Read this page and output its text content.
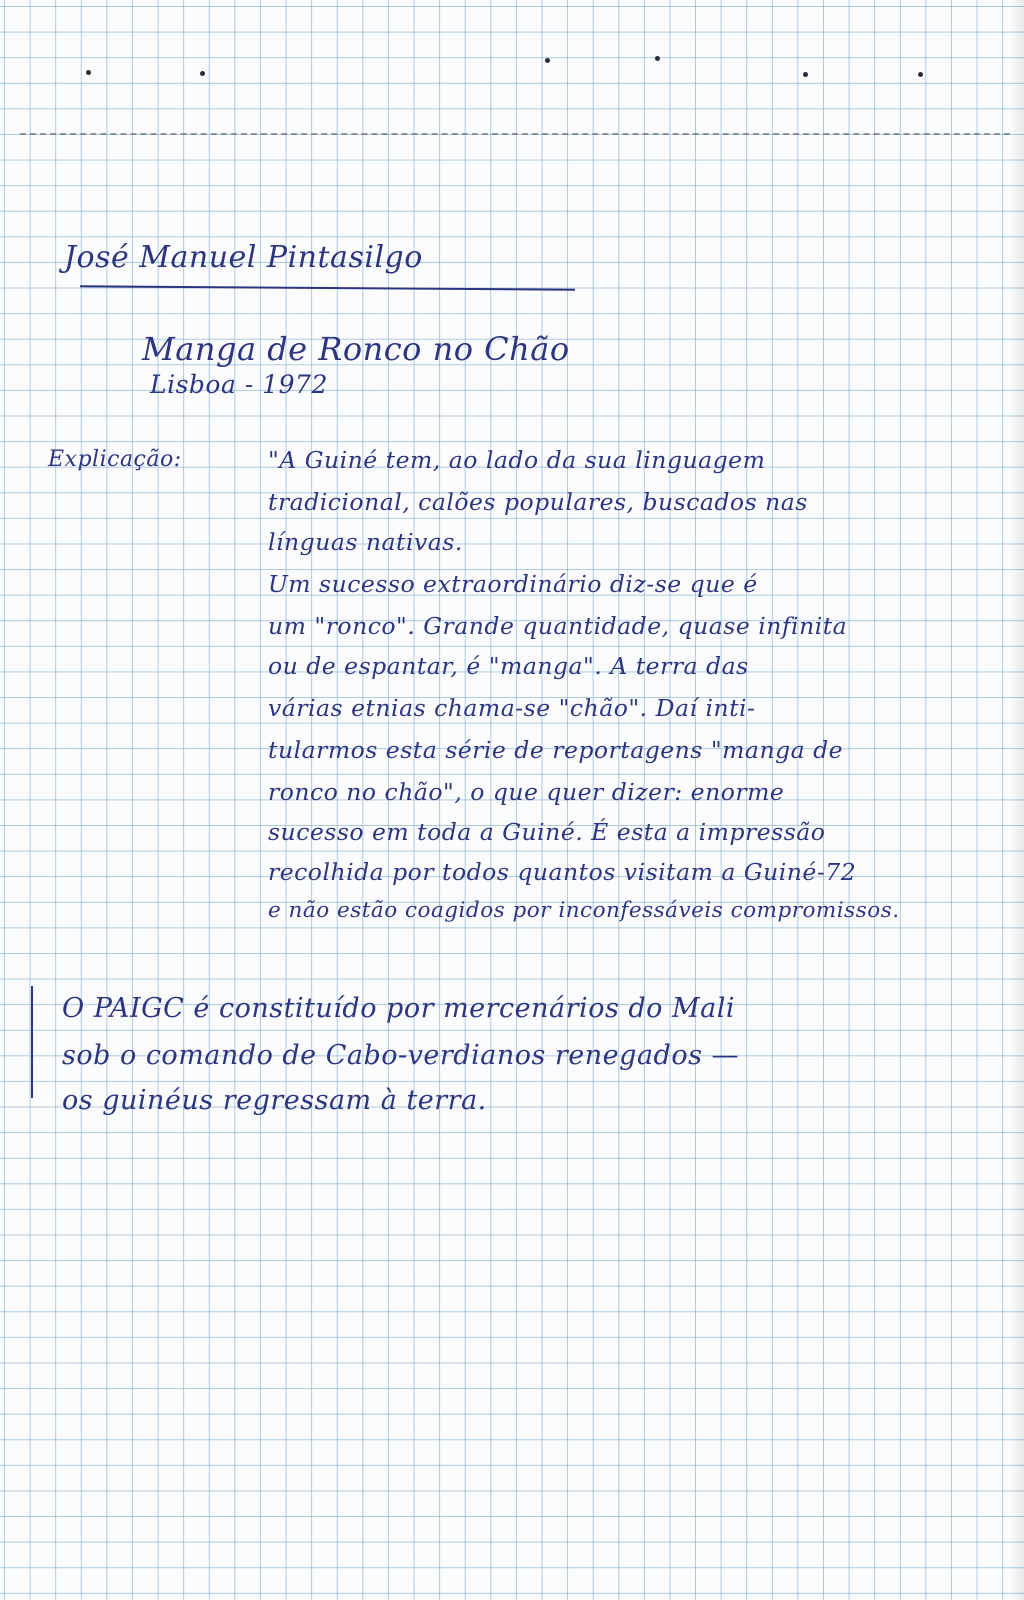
José Manuel Pintasilgo
Manga de Ronco no Chão
Lisboa - 1972
Explicação:	"A Guiné tem, ao lado da sua linguagem
tradicional, calões populares, buscados nas
línguas nativas.
Um sucesso extraordinário diz-se que é
um "ronco". Grande quantidade, quase infinita
ou de espantar, é "manga". A terra das
várias etnias chama-se "chão". Daí inti-
tularmos esta série de reportagens "manga de
ronco no chão", o que quer dizer: enorme
sucesso em toda a Guiné. É esta a impressão
recolhida por todos quantos visitam a Guiné-72
e não estão coagidos por inconfessáveis compromissos.
O PAIGC é constituído por mercenários do Mali
sob o comando de Cabo-verdianos renegados —
os guinéus regressam à terra.
